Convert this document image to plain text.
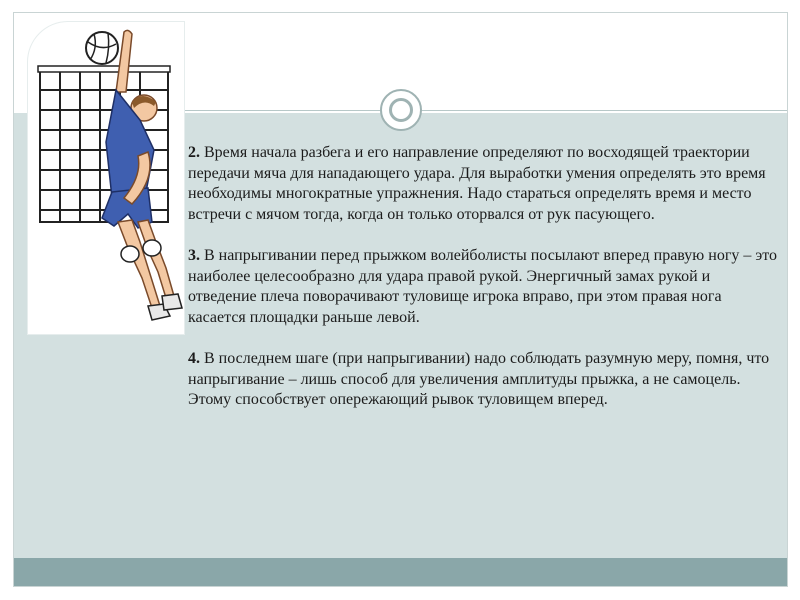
2. Время начала разбега и его направление определяют по восходящей траектории передачи мяча для нападающего удара. Для выработки умения определять это время необходимы многократные упражнения. Надо стараться определять время и место встречи с мячом тогда, когда он только оторвался от рук пасующего.

3. В напрыгивании перед прыжком волейболисты посылают вперед правую ногу – это наиболее целесообразно для удара правой рукой. Энергичный замах рукой и отведение плеча поворачивают туловище игрока вправо, при этом правая нога касается площадки раньше левой.

4. В последнем шаге (при напрыгивании) надо соблюдать разумную меру, помня, что напрыгивание – лишь способ для увеличения амплитуды прыжка, а не самоцель. Этому способствует опережающий рывок туловищем вперед.
